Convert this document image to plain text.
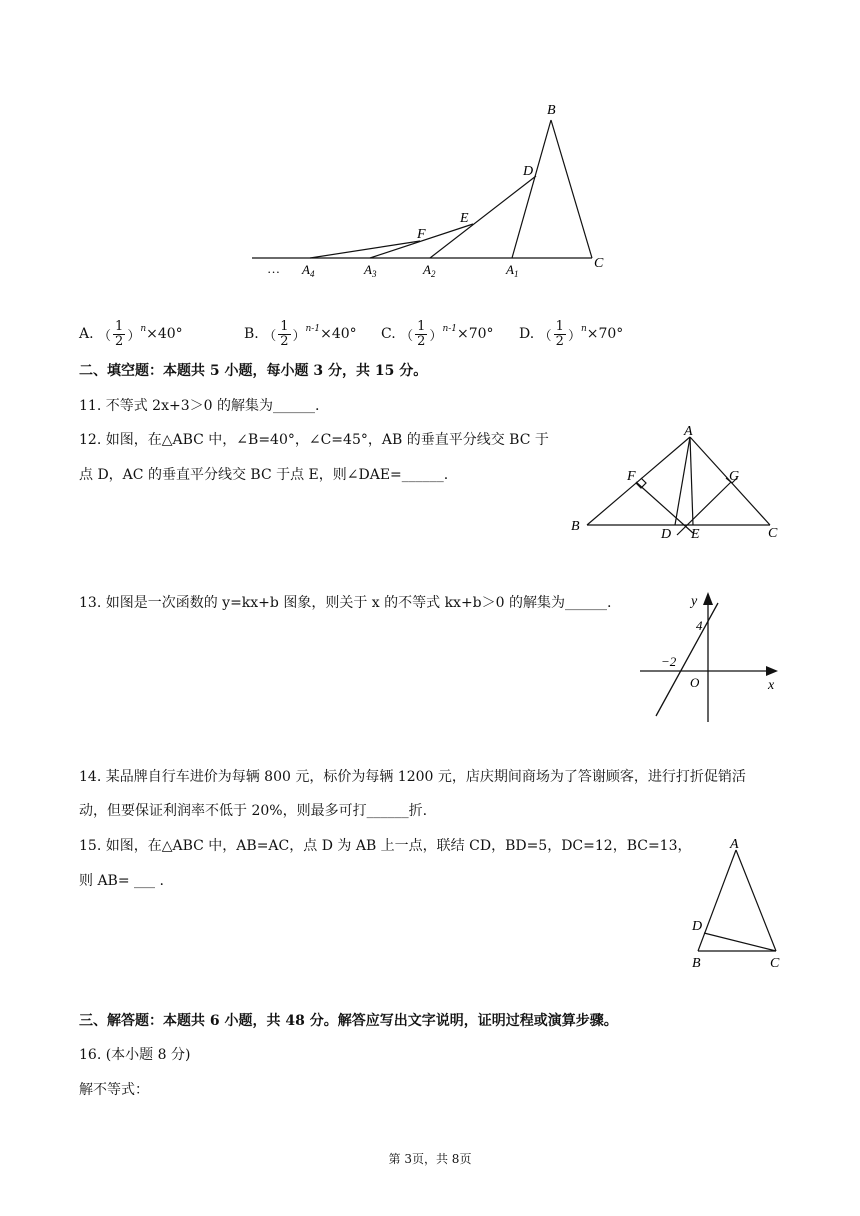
B
D
E
F
C
… $A_4$	$A_3$	$A_2$	$A_1$
A.
（ $\frac{1}{2} )^n \times 40^\circ$	B.
（ $\frac{1}{2} )^{n-1} \times 40^\circ$ C.
（ $\frac{1}{2} )^{n-1} \times 70^\circ$ D.
（ $\frac{1}{2} )^n \times 70^\circ$
二、填空题：本题共 5 小题，每小题 3 分，共 15 分。
11. 不等式 2x+3＞0 的解集为______.
12. 如图，在△ABC 中，∠B=40°，∠C=45°，AB 的垂直平分线交 BC 于
点 D，AC 的垂直平分线交 BC 于点 E，则∠DAE=______.
A
B	C
D E
F	G
13. 如图是一次函数的 y=kx+b 图象，则关于 x 的不等式 kx+b＞0 的解集为______.	y
x
O
4
−2
14. 某品牌自行车进价为每辆 800 元，标价为每辆 1200 元，店庆期间商场为了答谢顾客，进行打折促销活
动，但要保证利润率不低于 20%，则最多可打______折.
15. 如图，在△ABC 中，AB=AC，点 D 为 AB 上一点，联结 CD，BD=5，DC=12，BC=13，
则 AB= ___ .
A
D
B	C
三、解答题：本题共 6 小题，共 48 分。解答应写出文字说明，证明过程或演算步骤。
16. (本小题 8 分)
解不等式：
第 3页，共 8页
